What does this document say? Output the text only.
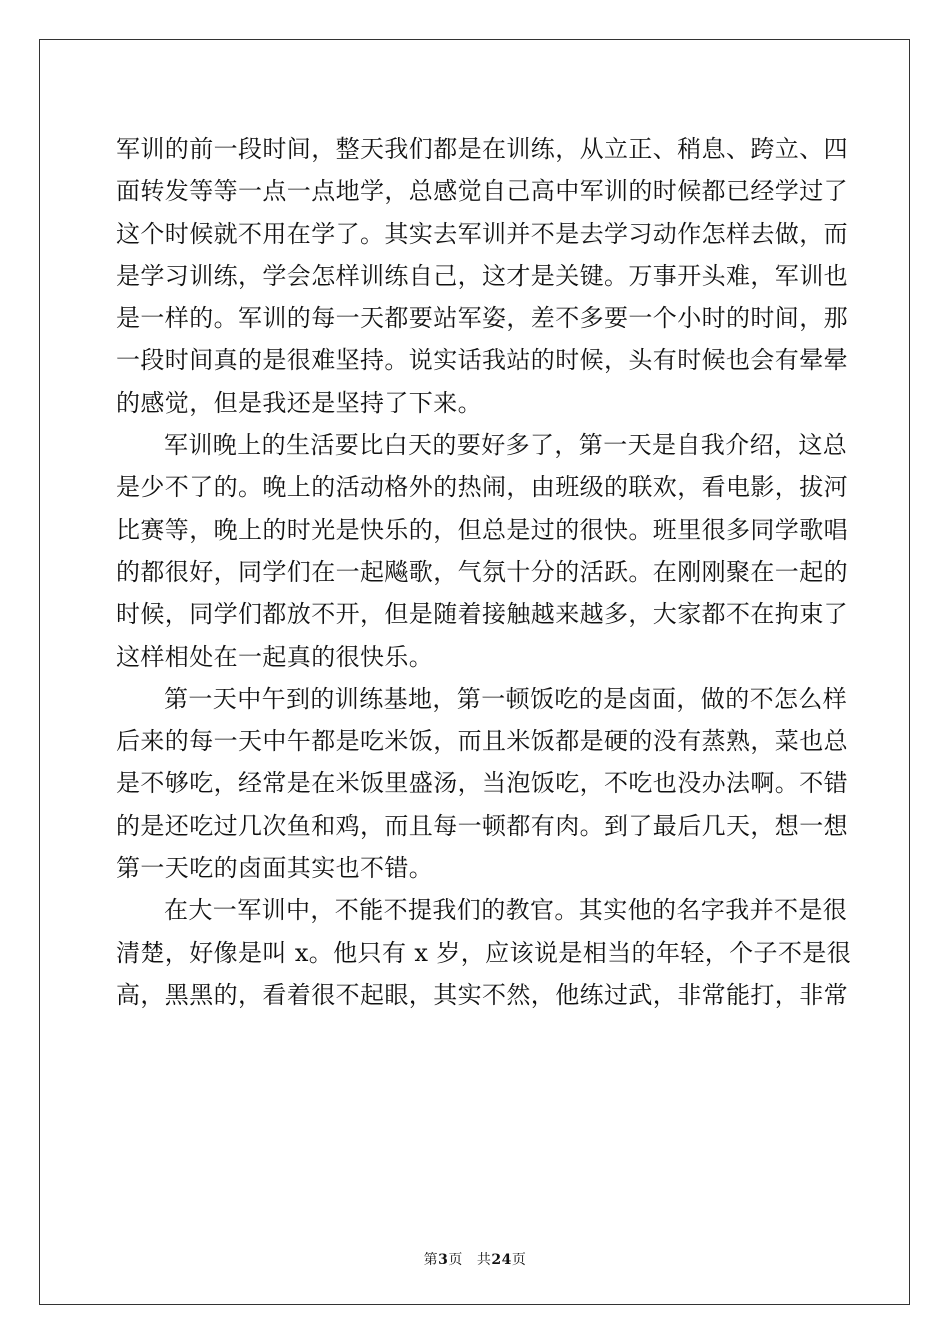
军训的前一段时间，整天我们都是在训练，从立正、稍息、跨立、四
面转发等等一点一点地学，总感觉自己高中军训的时候都已经学过了
这个时候就不用在学了。其实去军训并不是去学习动作怎样去做，而
是学习训练，学会怎样训练自己，这才是关键。万事开头难，军训也
是一样的。军训的每一天都要站军姿，差不多要一个小时的时间，那
一段时间真的是很难坚持。说实话我站的时候，头有时候也会有晕晕
的感觉，但是我还是坚持了下来。

军训晚上的生活要比白天的要好多了，第一天是自我介绍，这总
是少不了的。晚上的活动格外的热闹，由班级的联欢，看电影，拔河
比赛等，晚上的时光是快乐的，但总是过的很快。班里很多同学歌唱
的都很好，同学们在一起飚歌，气氛十分的活跃。在刚刚聚在一起的
时候，同学们都放不开，但是随着接触越来越多，大家都不在拘束了
这样相处在一起真的很快乐。

第一天中午到的训练基地，第一顿饭吃的是卤面，做的不怎么样
后来的每一天中午都是吃米饭，而且米饭都是硬的没有蒸熟，菜也总
是不够吃，经常是在米饭里盛汤，当泡饭吃，不吃也没办法啊。不错
的是还吃过几次鱼和鸡，而且每一顿都有肉。到了最后几天，想一想
第一天吃的卤面其实也不错。

在大一军训中，不能不提我们的教官。其实他的名字我并不是很
清楚，好像是叫 x。他只有 x 岁，应该说是相当的年轻，个子不是很
高，黑黑的，看着很不起眼，其实不然，他练过武，非常能打，非常

第3页 共24页
